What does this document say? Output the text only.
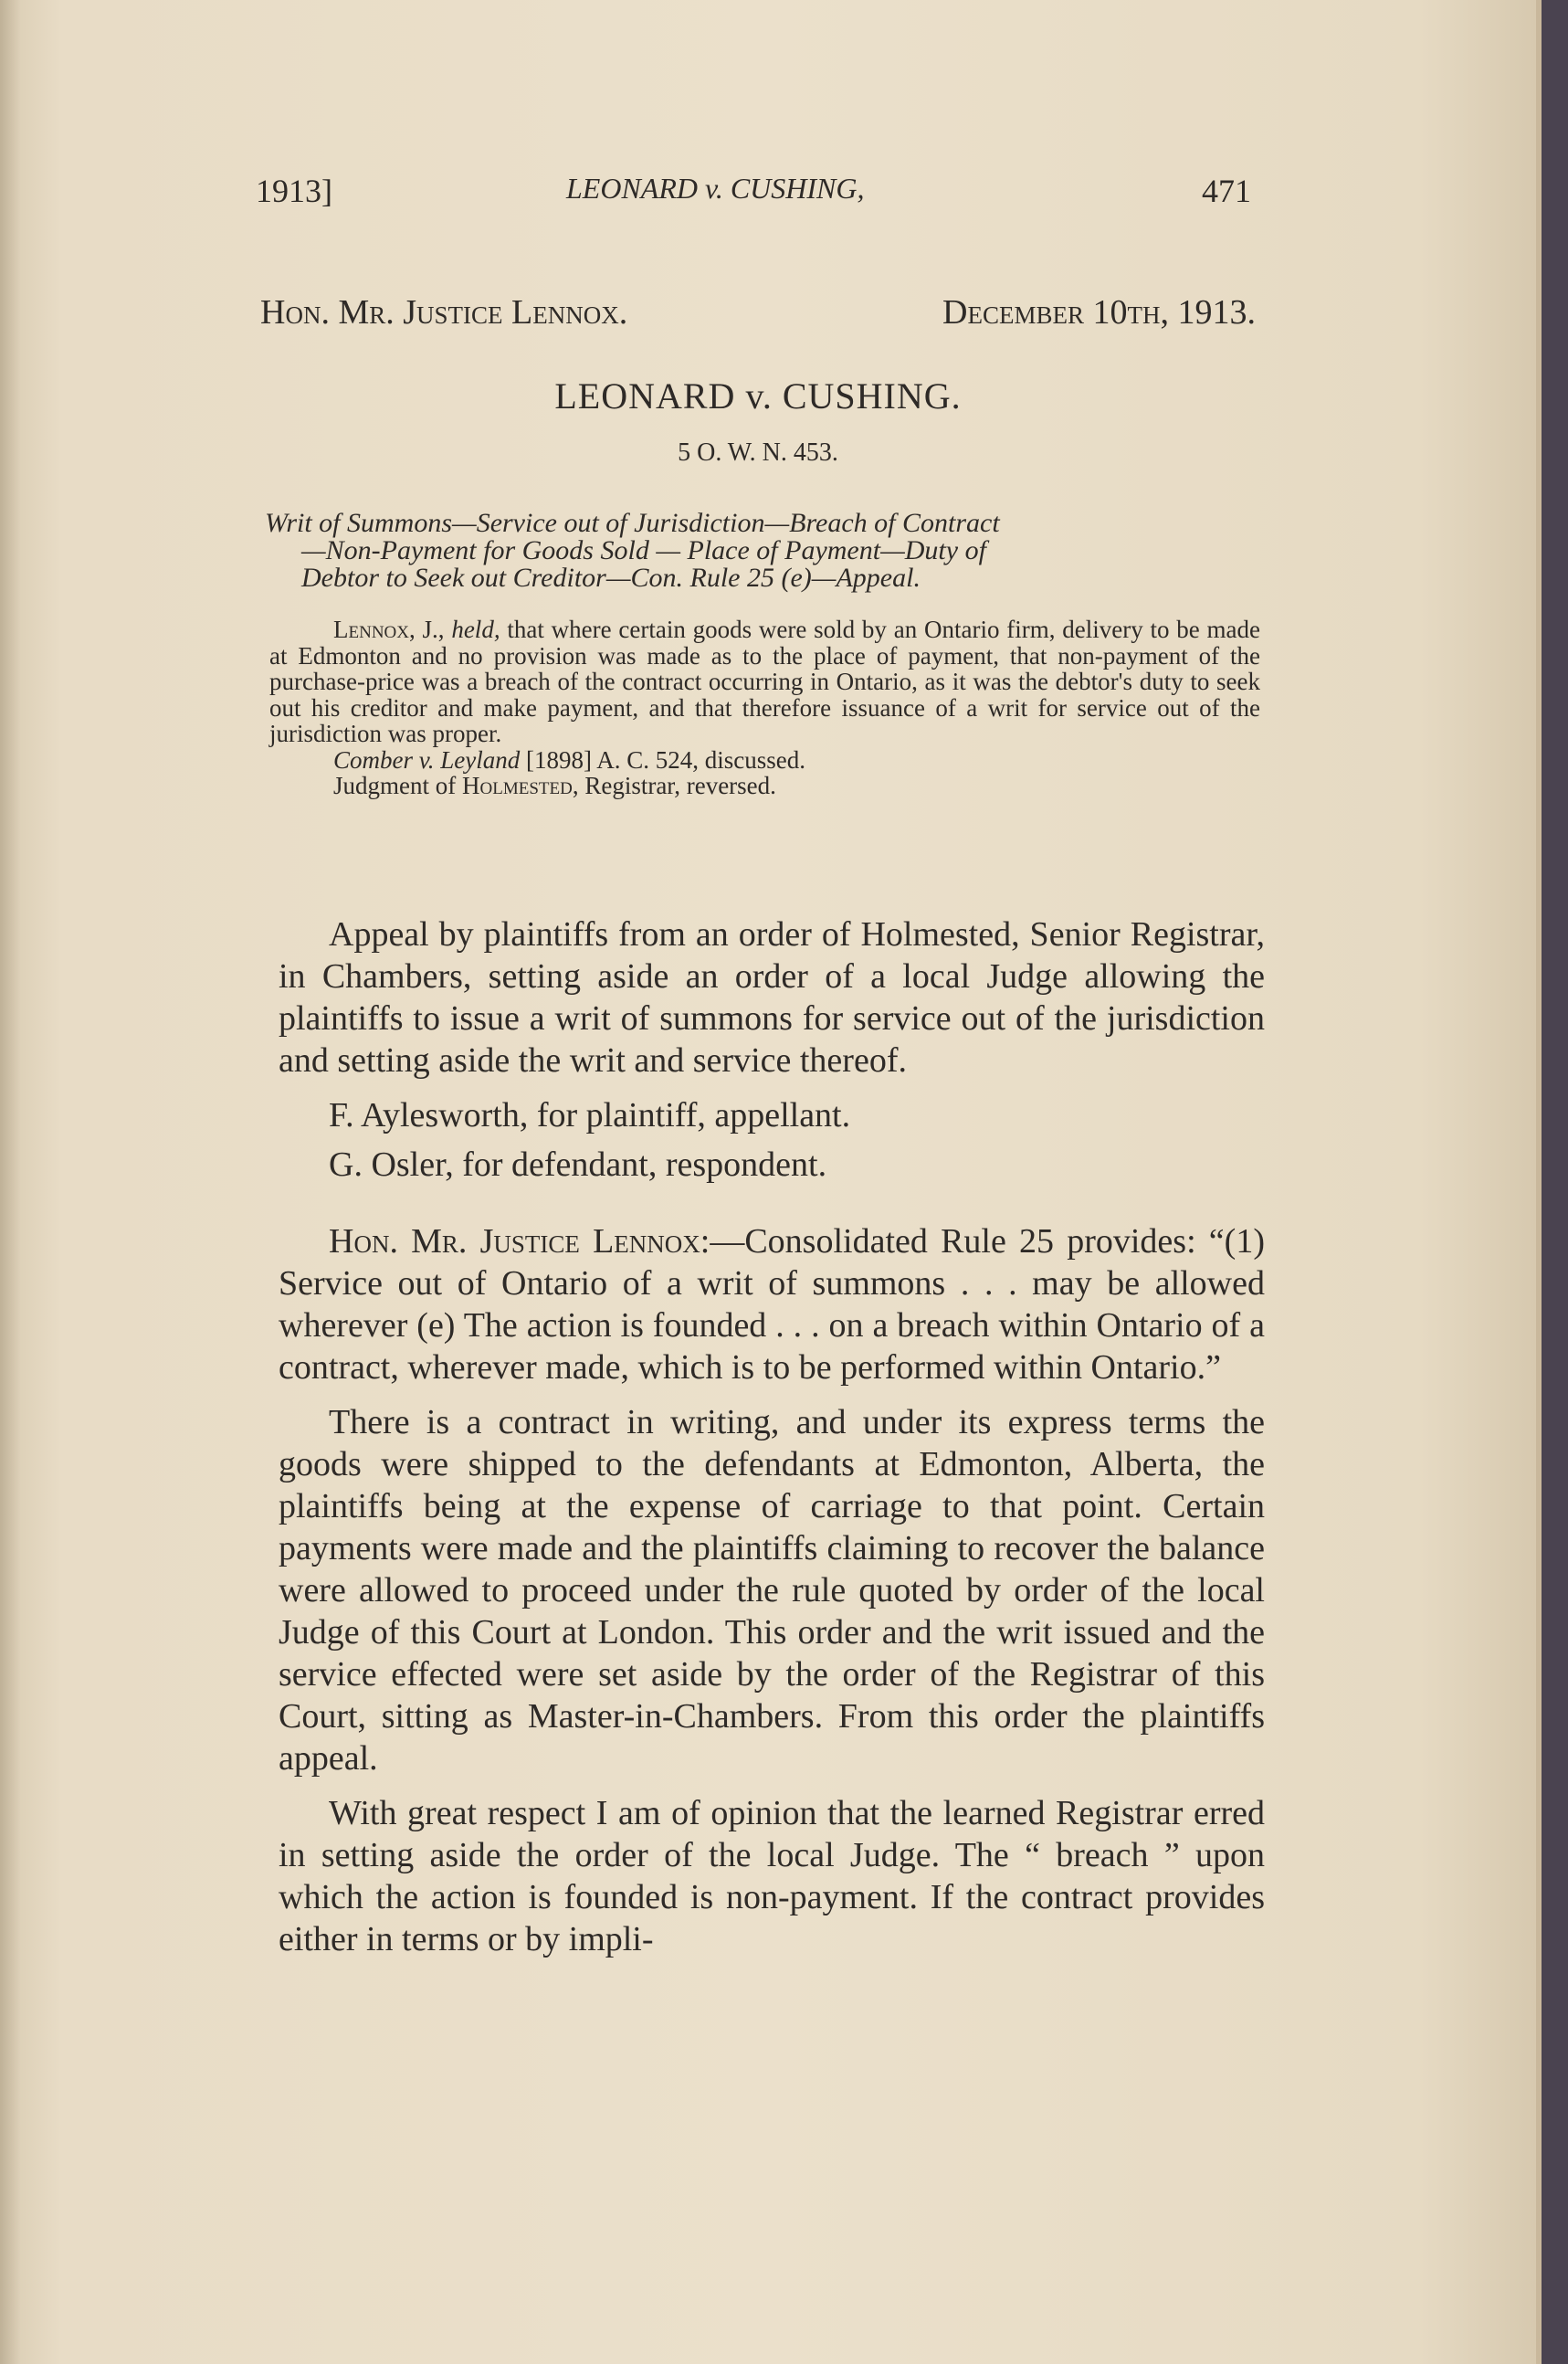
1913]	LEONARD v. CUSHING,	471
Hon. Mr. Justice Lennox.	December 10th, 1913.
LEONARD v. CUSHING.
5 O. W. N. 453.
Writ of Summons—Service out of Jurisdiction—Breach of Contract
—Non-Payment for Goods Sold — Place of Payment—Duty of
Debtor to Seek out Creditor—Con. Rule 25 (e)—Appeal.

Lennox, J., held, that where certain goods were sold by an Ontario firm, delivery to be made at Edmonton and no provision was made as to the place of payment, that non-payment of the purchase-price was a breach of the contract occurring in Ontario, as it was the debtor's duty to seek out his creditor and make payment, and that therefore issuance of a writ for service out of the jurisdiction was proper.

Comber v. Leyland [1898] A. C. 524, discussed.

Judgment of Holmested, Registrar, reversed.

Appeal by plaintiffs from an order of Holmested, Senior Registrar, in Chambers, setting aside an order of a local Judge allowing the plaintiffs to issue a writ of summons for service out of the jurisdiction and setting aside the writ and service thereof.

F. Aylesworth, for plaintiff, appellant.

G. Osler, for defendant, respondent.

Hon. Mr. Justice Lennox:—Consolidated Rule 25 provides: “(1) Service out of Ontario of a writ of summons . . . may be allowed wherever (e) The action is founded . . . on a breach within Ontario of a contract, wherever made, which is to be performed within Ontario.”

There is a contract in writing, and under its express terms the goods were shipped to the defendants at Edmonton, Alberta, the plaintiffs being at the expense of carriage to that point. Certain payments were made and the plaintiffs claiming to recover the balance were allowed to proceed under the rule quoted by order of the local Judge of this Court at London. This order and the writ issued and the service effected were set aside by the order of the Registrar of this Court, sitting as Master-in-Chambers. From this order the plaintiffs appeal.

With great respect I am of opinion that the learned Registrar erred in setting aside the order of the local Judge. The “ breach ” upon which the action is founded is non-payment. If the contract provides either in terms or by impli-
